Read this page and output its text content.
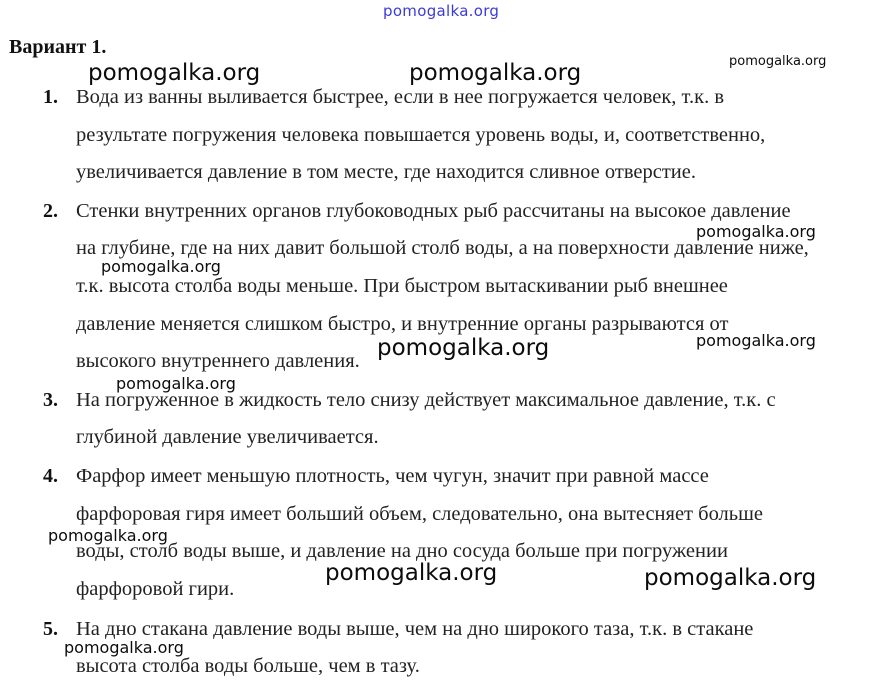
pomogalka.org
Вариант 1.
1. Вода из ванны выливается быстрее, если в нее погружается человек, т.к. в
результате погружения человека повышается уровень воды, и, соответственно,
увеличивается давление в том месте, где находится сливное отверстие.
2. Стенки внутренних органов глубоководных рыб рассчитаны на высокое давление
на глубине, где на них давит большой столб воды, а на поверхности давление ниже,
т.к. высота столба воды меньше. При быстром вытаскивании рыб внешнее
давление меняется слишком быстро, и внутренние органы разрываются от
высокого внутреннего давления.
3. На погруженное в жидкость тело снизу действует максимальное давление, т.к. с
глубиной давление увеличивается.
4. Фарфор имеет меньшую плотность, чем чугун, значит при равной массе
фарфоровая гиря имеет больший объем, следовательно, она вытесняет больше
воды, столб воды выше, и давление на дно сосуда больше при погружении
фарфоровой гири.
5. На дно стакана давление воды выше, чем на дно широкого таза, т.к. в стакане
высота столба воды больше, чем в тазу.
pomogalka.org	pomogalka.org	pomogalka.org
pomogalka.org
pomogalka.org
pomogalka.org	pomogalka.org
pomogalka.org
pomogalka.org
pomogalka.org	pomogalka.org
pomogalka.org
